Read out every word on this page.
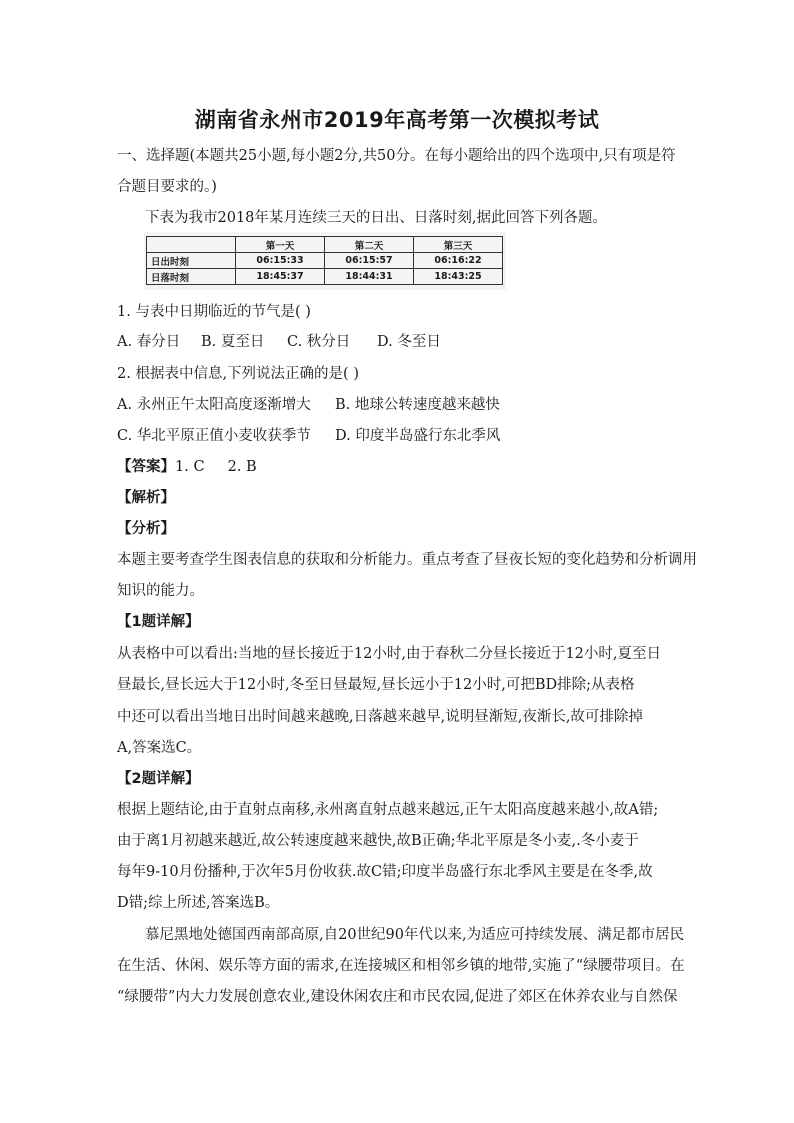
湖南省永州市2019年高考第一次模拟考试
一、选择题(本题共25小题,每小题2分,共50分。在每小题给出的四个选项中,只有项是符
合题目要求的。)
下表为我市2018年某月连续三天的日出、日落时刻,据此回答下列各题。
	第一天	第二天	第三天
日出时刻	06:15:33	06:15:57	06:16:22
日落时刻	18:45:37	18:44:31	18:43:25
1. 与表中日期临近的节气是( )
A. 春分日 B. 夏至日 C. 秋分日 D. 冬至日
2. 根据表中信息,下列说法正确的是( )
A. 永州正午太阳高度逐渐增大 B. 地球公转速度越来越快
C. 华北平原正值小麦收获季节 D. 印度半岛盛行东北季风
【答案】1. C     2. B
【解析】
【分析】
本题主要考查学生图表信息的获取和分析能力。重点考查了昼夜长短的变化趋势和分析调用
知识的能力。
【1题详解】
从表格中可以看出:当地的昼长接近于12小时,由于春秋二分昼长接近于12小时,夏至日
昼最长,昼长远大于12小时,冬至日昼最短,昼长远小于12小时,可把BD排除;从表格
中还可以看出当地日出时间越来越晚,日落越来越早,说明昼渐短,夜渐长,故可排除掉
A,答案选C。
【2题详解】
根据上题结论,由于直射点南移,永州离直射点越来越远,正午太阳高度越来越小,故A错;
由于离1月初越来越近,故公转速度越来越快,故B正确;华北平原是冬小麦,.冬小麦于
每年9-10月份播种,于次年5月份收获.故C错;印度半岛盛行东北季风主要是在冬季,故
D错;综上所述,答案选B。
慕尼黑地处德国西南部高原,自20世纪90年代以来,为适应可持续发展、满足都市居民
在生活、休闲、娱乐等方面的需求,在连接城区和相邻乡镇的地带,实施了“绿腰带项目。在
“绿腰带”内大力发展创意农业,建设休闲农庄和市民农园,促进了郊区在休养农业与自然保
